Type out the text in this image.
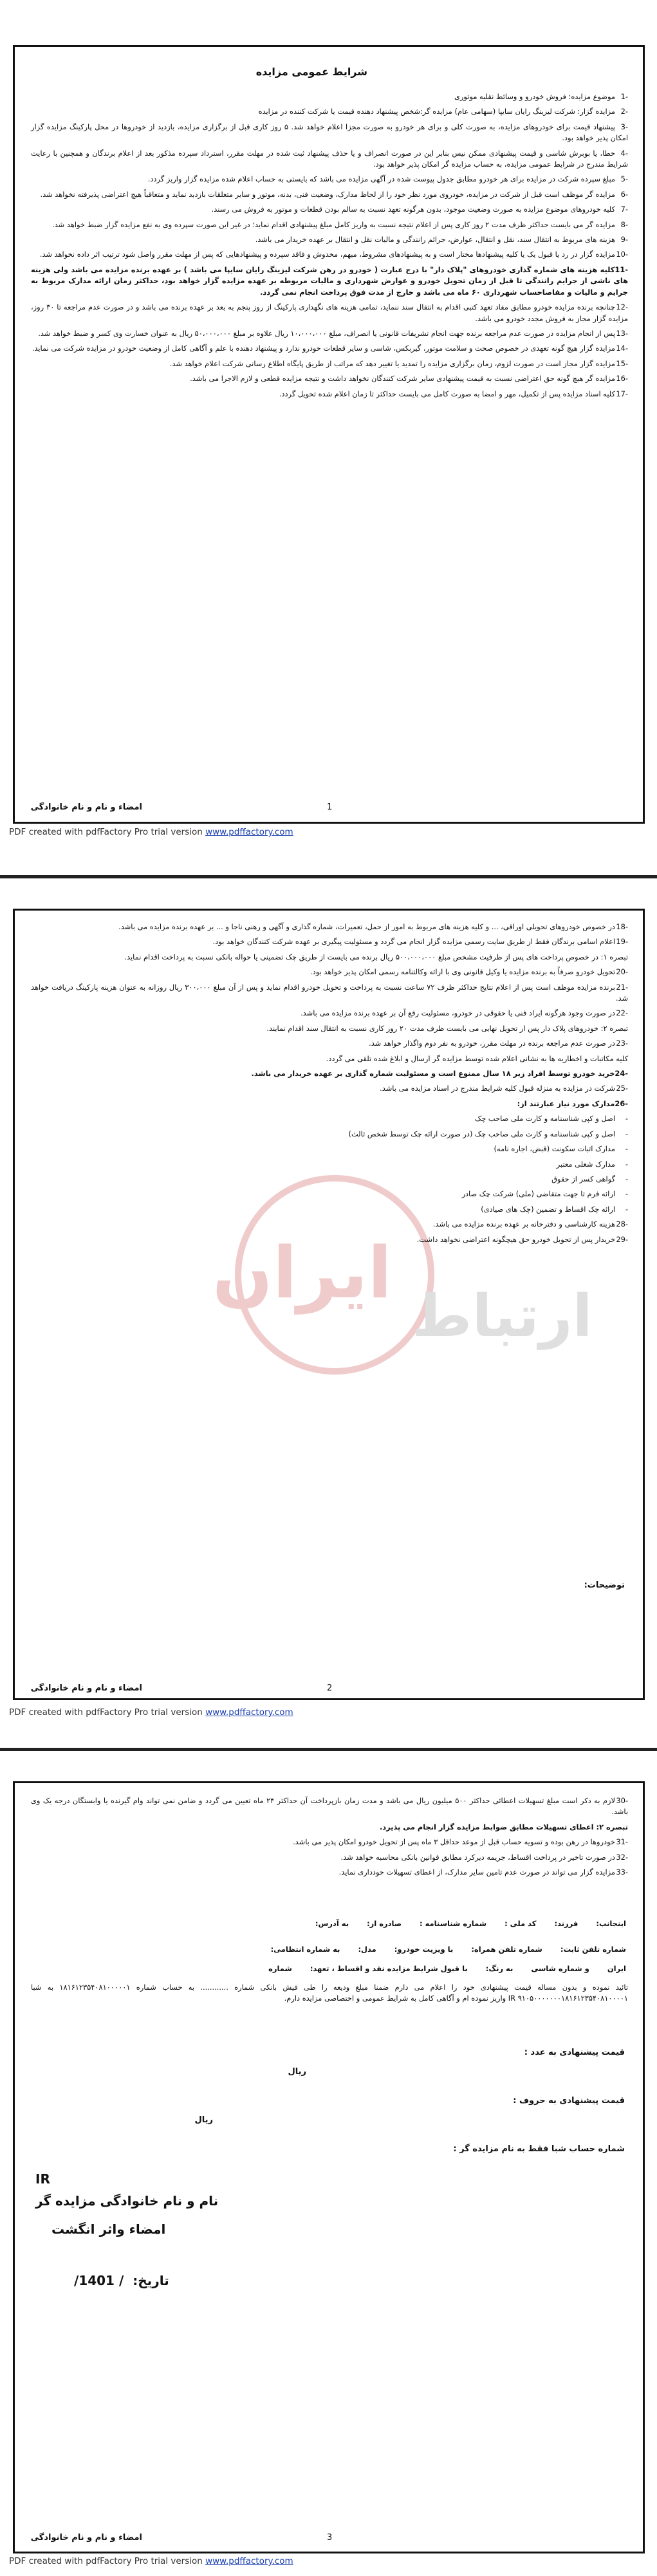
شرایط عمومی مزایده

-1موضوع مزایده: فروش خودرو و وسائط نقلیه موتوری

-2مزایده گزار: شرکت لیزینگ رایان سایپا (سهامی عام) مزایده گر:شخص پیشنهاد دهنده قیمت یا شرکت کننده در مزایده

-3پیشنهاد قیمت برای خودروهای مزایده، به صورت کلی و برای هر خودرو به صورت مجزا اعلام خواهد شد. ۵ روز کاری قبل از برگزاری مزایده، بازدید از خودروها در محل پارکینگ مزایده گزار امکان پذیر خواهد بود.

-4خطا، یا بوبرش شاسی و قیمت پیشنهادی ممکن نیس بنابر این در صورت انصراف و یا حذف پیشنهاد ثبت شده در مهلت مقرر، استرداد سپرده مذکور بعد از اعلام برندگان و همچنین با رعایت شرایط مندرج در شرایط عمومی مزایده، به حساب مزایده گر امکان پذیر خواهد بود.

-5مبلغ سپرده شرکت در مزایده برای هر خودرو مطابق جدول پیوست شده در آگهی مزایده می باشد که بایستی به حساب اعلام شده مزایده گزار واریز گردد.

-6مزایده گر موظف است قبل از شرکت در مزایده، خودروی مورد نظر خود را از لحاظ مدارک، وضعیت فنی، بدنه، موتور و سایر متعلقات بازدید نماید و متعاقباً هیچ اعتراضی پذیرفته نخواهد شد.

-7کلیه خودروهای موضوع مزایده به صورت وضعیت موجود، بدون هرگونه تعهد نسبت به سالم بودن قطعات و موتور به فروش می رسند.

-8مزایده گر می بایست حداکثر ظرف مدت ۲ روز کاری پس از اعلام نتیجه نسبت به واریز کامل مبلغ پیشنهادی اقدام نماید؛ در غیر این صورت سپرده وی به نفع مزایده گزار ضبط خواهد شد.

-9هزینه های مربوط به انتقال سند، نقل و انتقال، عوارض، جرائم رانندگی و مالیات نقل و انتقال بر عهده خریدار می باشد.

-10مزایده گزار در رد یا قبول یک یا کلیه پیشنهادها مختار است و به پیشنهادهای مشروط، مبهم، مخدوش و فاقد سپرده و پیشنهادهایی که پس از مهلت مقرر واصل شود ترتیب اثر داده نخواهد شد.

-11کلیه هزینه های شماره گذاری خودروهای "پلاک دار" با درج عبارت ( خودرو در رهن شرکت لیزینگ رایان سایپا می باشد ) بر عهده برنده مزایده می باشد ولی هزینه های ناشی از جرایم رانندگی تا قبل از زمان تحویل خودرو و عوارض شهرداری و مالیات مربوطه بر عهده مزایده گزار خواهد بود، حداکثر زمان ارائه مدارک مربوط به جرایم و مالیات و مفاصاحساب شهرداری ۶۰ ماه می باشد و خارج از مدت فوق پرداخت انجام نمی گردد.

-12چنانچه برنده مزایده خودرو مطابق مفاد تعهد کتبی اقدام به انتقال سند ننماید، تمامی هزینه های نگهداری پارکینگ از روز پنجم به بعد بر عهده برنده می باشد و در صورت عدم مراجعه تا ۳۰ روز، مزایده گزار مجاز به فروش مجدد خودرو می باشد.

-13پس از انجام مزایده در صورت عدم مراجعه برنده جهت انجام تشریفات قانونی یا انصراف، مبلغ ۱۰،۰۰۰،۰۰۰ ریال علاوه بر مبلغ ۵۰،۰۰۰،۰۰۰ ریال به عنوان خسارت وی کسر و ضبط خواهد شد.

-14مزایده گزار هیچ گونه تعهدی در خصوص صحت و سلامت موتور، گیربکس، شاسی و سایر قطعات خودرو ندارد و پیشنهاد دهنده با علم و آگاهی کامل از وضعیت خودرو در مزایده شرکت می نماید.

-15مزایده گزار مجاز است در صورت لزوم، زمان برگزاری مزایده را تمدید یا تغییر دهد که مراتب از طریق پایگاه اطلاع رسانی شرکت اعلام خواهد شد.

-16مزایده گر هیچ گونه حق اعتراضی نسبت به قیمت پیشنهادی سایر شرکت کنندگان نخواهد داشت و نتیجه مزایده قطعی و لازم الاجرا می باشد.

-17کلیه اسناد مزایده پس از تکمیل، مهر و امضا به صورت کامل می بایست حداکثر تا زمان اعلام شده تحویل گردد.

امضاء و نام و نام خانوادگی	1
PDF created with pdfFactory Pro trial version www.pdffactory.com
ایران
ارتباط

-18در خصوص خودروهای تحویلی اوراقی، ... و کلیه هزینه های مربوط به امور از حمل، تعمیرات، شماره گذاری و آگهی و رهنی ناجا و ... بر عهده برنده مزایده می باشد.

-19اعلام اسامی برندگان فقط از طریق سایت رسمی مزایده گزار انجام می گردد و مسئولیت پیگیری بر عهده شرکت کنندگان خواهد بود.

تبصره ۱: در خصوص پرداخت های پس از ظرفیت مشخص مبلغ ۵۰۰،۰۰۰،۰۰۰ ریال برنده می بایست از طریق چک تضمینی یا حواله بانکی نسبت به پرداخت اقدام نماید.

-20تحویل خودرو صرفاً به برنده مزایده یا وکیل قانونی وی با ارائه وکالتنامه رسمی امکان پذیر خواهد بود.

-21برنده مزایده موظف است پس از اعلام نتایج حداکثر ظرف ۷۲ ساعت نسبت به پرداخت و تحویل خودرو اقدام نماید و پس از آن مبلغ ۳۰۰،۰۰۰ ریال روزانه به عنوان هزینه پارکینگ دریافت خواهد شد.

-22در صورت وجود هرگونه ایراد فنی یا حقوقی در خودرو، مسئولیت رفع آن بر عهده برنده مزایده می باشد.

تبصره ۲: خودروهای پلاک دار پس از تحویل نهایی می بایست ظرف مدت ۲۰ روز کاری نسبت به انتقال سند اقدام نمایند.

-23در صورت عدم مراجعه برنده در مهلت مقرر، خودرو به نفر دوم واگذار خواهد شد.

کلیه مکاتبات و اخطاریه ها به نشانی اعلام شده توسط مزایده گر ارسال و ابلاغ شده تلقی می گردد.

-24خرید خودرو توسط افراد زیر ۱۸ سال ممنوع است و مسئولیت شماره گذاری بر عهده خریدار می باشد.

-25شرکت در مزایده به منزله قبول کلیه شرایط مندرج در اسناد مزایده می باشد.

-26مدارک مورد نیاز عبارتند از:

-اصل و کپی شناسنامه و کارت ملی صاحب چک

-اصل و کپی شناسنامه و کارت ملی صاحب چک (در صورت ارائه چک توسط شخص ثالث)

-مدارک اثبات سکونت (قبض، اجاره نامه)

-مدارک شغلی معتبر

-گواهی کسر از حقوق

-ارائه فرم تا جهت متقاضی (ملی) شرکت چک صادر

-ارائه چک اقساط و تضمین (چک های صیادی)

-28هزینه کارشناسی و دفترخانه بر عهده برنده مزایده می باشد.

-29خریدار پس از تحویل خودرو حق هیچگونه اعتراضی نخواهد داشت.

توضیحات:
امضاء و نام و نام خانوادگی	2
PDF created with pdfFactory Pro trial version www.pdffactory.com

-30لازم به ذکر است مبلغ تسهیلات اعطائی حداکثر ۵۰۰ میلیون ریال می باشد و مدت زمان بازپرداخت آن حداکثر ۲۴ ماه تعیین می گردد و ضامن نمی تواند وام گیرنده یا وابستگان درجه یک وی باشد.

تبصره ۲: اعطای تسهیلات مطابق ضوابط مزایده گزار انجام می پذیرد.

-31خودروها در رهن بوده و تسویه حساب قبل از موعد حداقل ۳ ماه پس از تحویل خودرو امکان پذیر می باشد.

-32در صورت تاخیر در پرداخت اقساط، جریمه دیرکرد مطابق قوانین بانکی محاسبه خواهد شد.

-33مزایده گزار می تواند در صورت عدم تامین سایر مدارک، از اعطای تسهیلات خودداری نماید.

اینجانب:
فرزند:
کد ملی :
شماره شناسنامه :
صادره از:
به آدرس:
شماره تلفن ثابت:
شماره تلفن همراه:
با ویزیت خودرو:
مدل:
به شماره انتظامی:
ایران
و شماره شاسی
به رنگ:
با قبول شرایط مزایده نقد و اقساط ، تعهد:
شماره
تائید نموده و بدون مساله قیمت پیشنهادی خود را اعلام می دارم ضمنا مبلغ ودیعه را طی فیش بانکی شماره ............ به حساب شماره ۱۸۱۶۱۲۳۵۴۰۸۱۰۰۰۰۰۱ به شبا ۹۱۰۵۰۰۰۰۰۰۰۱۸۱۶۱۲۳۵۴۰۸۱۰۰۰۰۱ IR واریز نموده ام و آگاهی کامل به شرایط عمومی و اختصاصی مزایده دارم.
قیمت پیشنهادی به عدد :
ریال
قیمت پیشنهادی به حروف :
ریال
شماره حساب شبا فقط به نام مزایده گر :
IR
نام و نام خانوادگی مزایده گر
امضاء واثر انگشت
تاریخ:
/ 1401/
امضاء و نام و نام خانوادگی	3
PDF created with pdfFactory Pro trial version www.pdffactory.com
